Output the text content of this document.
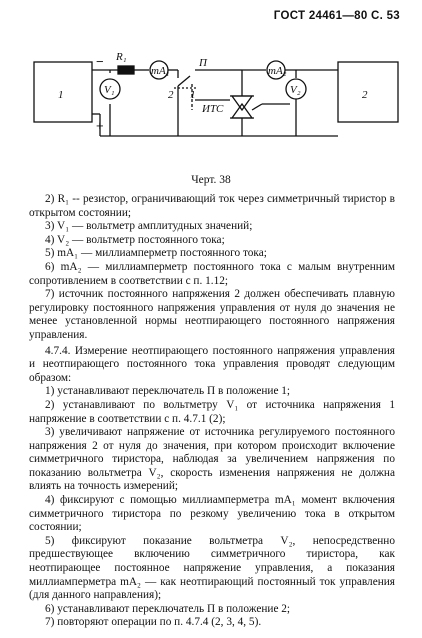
ГОСТ 24461—80 С. 53
R₁
mA₁
V₁
mA₂
V₂
П
1
2
ИТС
1	2
−
+
Черт. 38

2) R₁ -- резистор, ограничивающий ток через симметричный тиристор в открытом состоянии;

3) V₁ — вольтметр амплитудных значений;

4) V₂ — вольтметр постоянного тока;

5) mA₁ — миллиамперметр постоянного тока;

6) mA₂ — миллиамперметр постоянного тока с малым внутренним сопротивлением в соответствии с п. 1.12;

7) источник постоянного напряжения 2 должен обеспечивать плавную регулировку постоянного напряжения управления от нуля до значения не менее установленной нормы неотпирающего постоянного напряжения управления.

4.7.4. Измерение неотпирающего постоянного напряжения управления и неотпирающего постоянного тока управления проводят следующим образом:

1) устанавливают переключатель П в положение 1;

2) устанавливают по вольтметру V₁ от источника напряжения 1 напряжение в соответствии с п. 4.7.1 (2);

3) увеличивают напряжение от источника регулируемого постоянного напряжения 2 от нуля до значения, при котором происходит включение симметричного тиристора, наблюдая за увеличением напряжения по показанию вольтметра V₂, скорость изменения напряжения не должна влиять на точность измерений;

4) фиксируют с помощью миллиамперметра mA₁ момент включения симметричного тиристора по резкому увеличению тока в открытом состоянии;

5) фиксируют показание вольтметра V₂, непосредственно предшествующее включению симметричного тиристора, как неотпирающее постоянное напряжение управления, а показания миллиамперметра mA₂ — как неотпирающий постоянный ток управления (для данного направления);

6) устанавливают переключатель П в положение 2;

7) повторяют операции по п. 4.7.4 (2, 3, 4, 5).
